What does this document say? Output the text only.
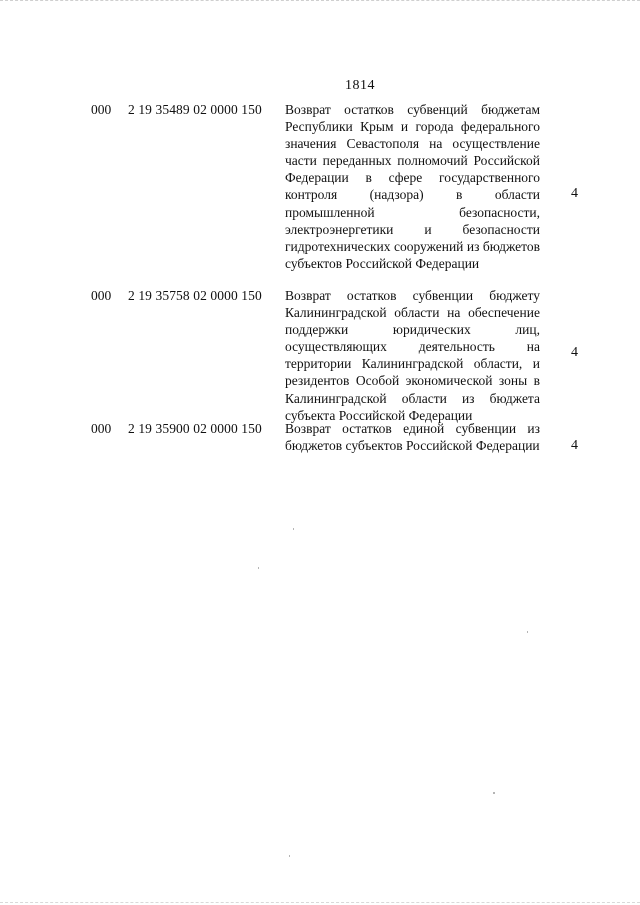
1814
000 2 19 35489 02 0000 150 Возврат остатков субвенций бюджетам Республики Крым и города федерального значения Севастополя на осуществление части переданных полномочий Российской Федерации в сфере государственного контроля (надзора) в области промышленной безопасности, электроэнергетики и безопасности гидротехнических сооружений из бюджетов субъектов Российской Федерации
4
000 2 19 35758 02 0000 150 Возврат остатков субвенции бюджету Калининградской области на обеспечение поддержки юридических лиц, осуществляющих деятельность на территории Калининградской области, и резидентов Особой экономической зоны в Калининградской области из бюджета субъекта Российской Федерации
4
000 2 19 35900 02 0000 150 Возврат остатков единой субвенции из бюджетов субъектов Российской Федерации 4
